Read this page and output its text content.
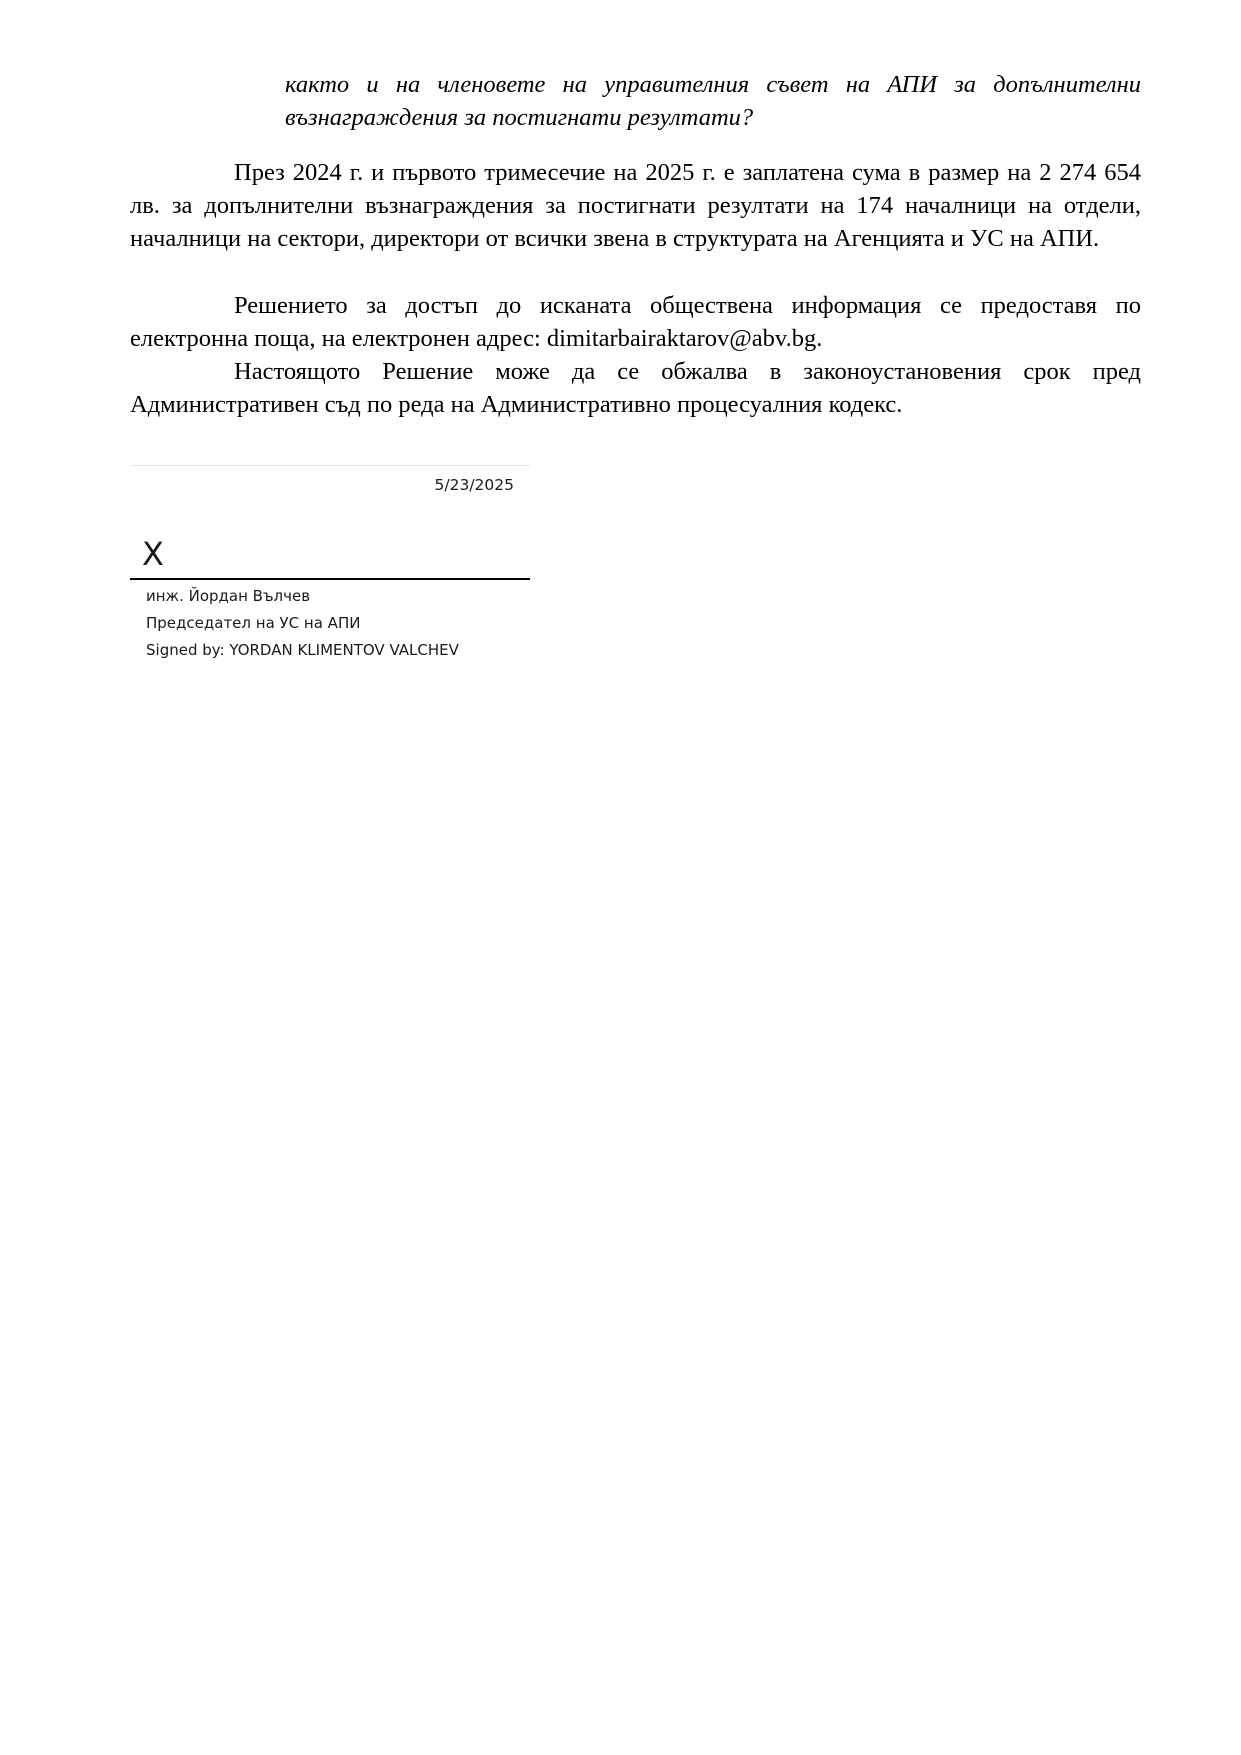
както и на членовете на управителния съвет на АПИ за допълнителни възнаграждения за постигнати резултати?

През 2024 г. и първото тримесечие на 2025 г. е заплатена сума в размер на 2 274 654 лв. за допълнителни възнаграждения за постигнати резултати на 174 началници на отдели, началници на сектори, директори от всички звена в структурата на Агенцията и УС на АПИ.

Решението за достъп до исканата обществена информация се предоставя по електронна поща, на електронен адрес: dimitarbairaktarov@abv.bg.

Настоящото Решение може да се обжалва в законоустановения срок пред Административен съд по реда на Административно процесуалния кодекс.

5/23/2025
X
инж. Йордан Вълчев
Председател на УС на АПИ
Signed by: YORDAN KLIMENTOV VALCHEV
